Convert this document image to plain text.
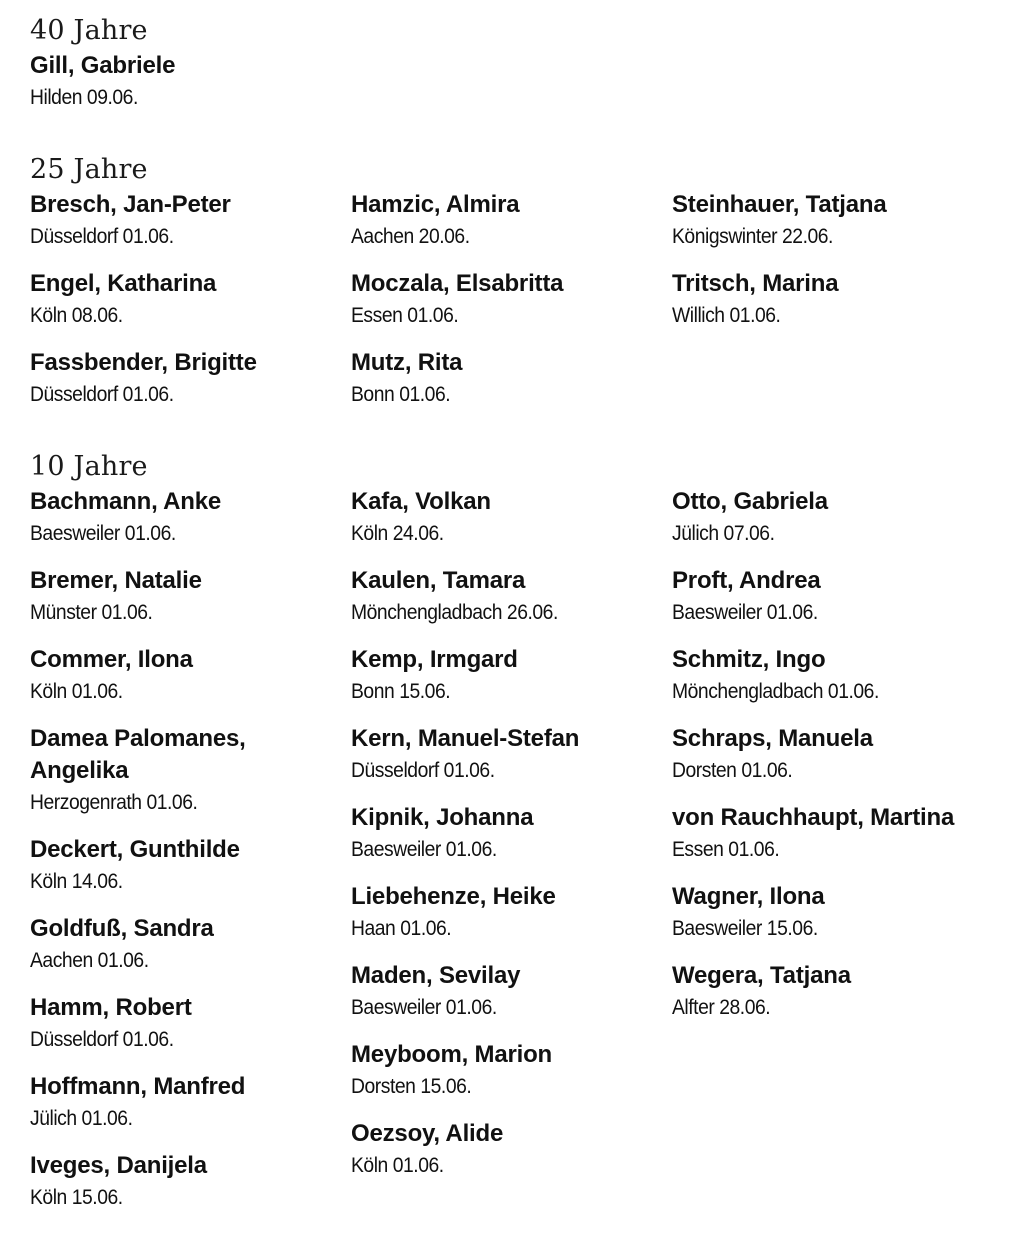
40 Jahre
Gill, Gabriele
Hilden 09.06.
25 Jahre
Bresch, Jan-Peter
Düsseldorf 01.06.
Engel, Katharina
Köln 08.06.
Fassbender, Brigitte
Düsseldorf 01.06.
Hamzic, Almira
Aachen 20.06.
Moczala, Elsabritta
Essen 01.06.
Mutz, Rita
Bonn 01.06.
Steinhauer, Tatjana
Königswinter 22.06.
Tritsch, Marina
Willich 01.06.
10 Jahre
Bachmann, Anke
Baesweiler 01.06.
Bremer, Natalie
Münster 01.06.
Commer, Ilona
Köln 01.06.
Damea Palomanes, Angelika
Herzogenrath 01.06.
Deckert, Gunthilde
Köln 14.06.
Goldfuß, Sandra
Aachen 01.06.
Hamm, Robert
Düsseldorf 01.06.
Hoffmann, Manfred
Jülich 01.06.
Iveges, Danijela
Köln 15.06.
Kafa, Volkan
Köln 24.06.
Kaulen, Tamara
Mönchengladbach 26.06.
Kemp, Irmgard
Bonn 15.06.
Kern, Manuel-Stefan
Düsseldorf 01.06.
Kipnik, Johanna
Baesweiler 01.06.
Liebehenze, Heike
Haan 01.06.
Maden, Sevilay
Baesweiler 01.06.
Meyboom, Marion
Dorsten 15.06.
Oezsoy, Alide
Köln 01.06.
Otto, Gabriela
Jülich 07.06.
Proft, Andrea
Baesweiler 01.06.
Schmitz, Ingo
Mönchengladbach 01.06.
Schraps, Manuela
Dorsten 01.06.
von Rauchhaupt, Martina
Essen 01.06.
Wagner, Ilona
Baesweiler 15.06.
Wegera, Tatjana
Alfter 28.06.
